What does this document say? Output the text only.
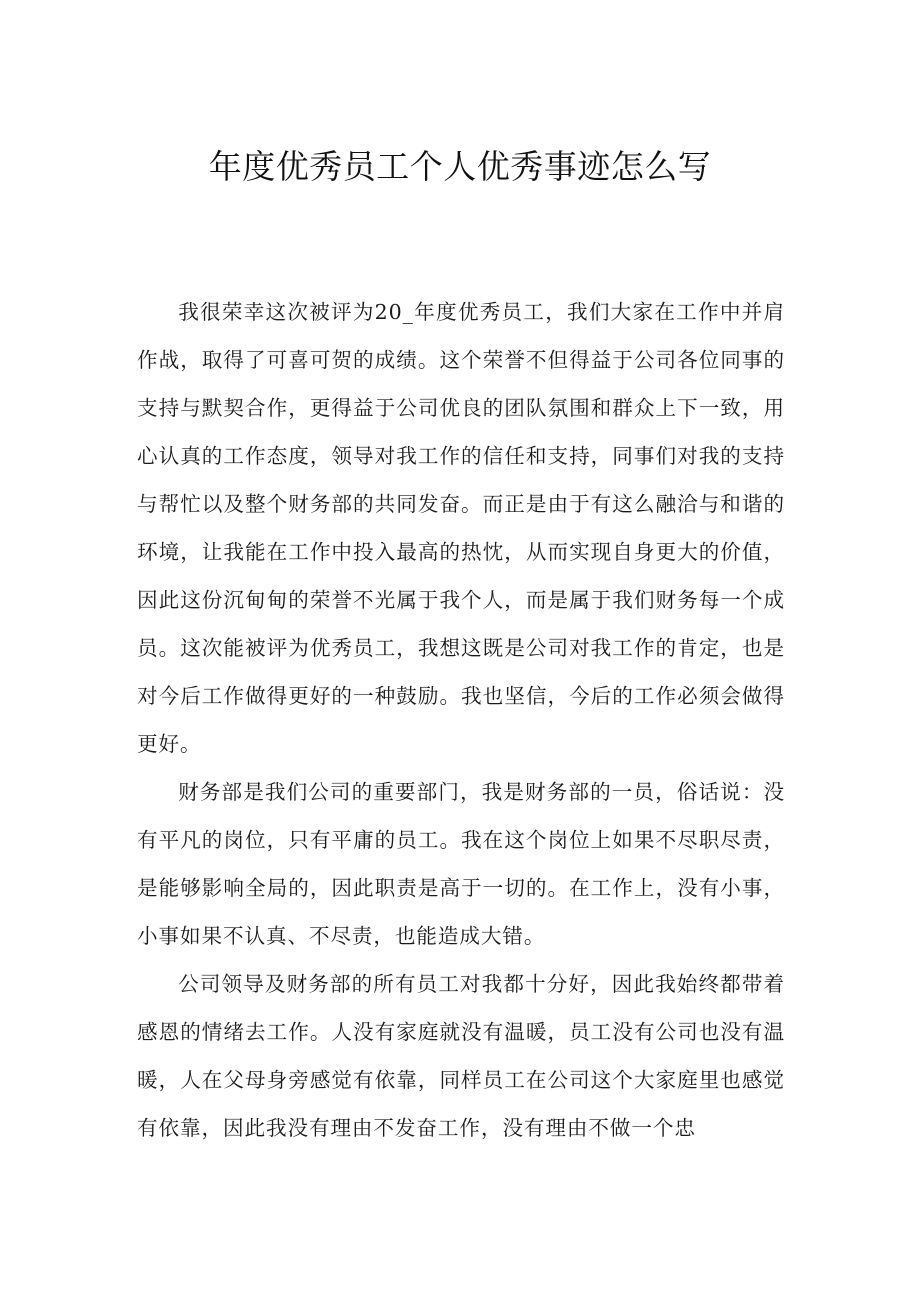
年度优秀员工个人优秀事迹怎么写

我很荣幸这次被评为20_年度优秀员工，我们大家在工作中并肩作战，取得了可喜可贺的成绩。这个荣誉不但得益于公司各位同事的支持与默契合作，更得益于公司优良的团队氛围和群众上下一致，用心认真的工作态度，领导对我工作的信任和支持，同事们对我的支持与帮忙以及整个财务部的共同发奋。而正是由于有这么融洽与和谐的环境，让我能在工作中投入最高的热忱，从而实现自身更大的价值，因此这份沉甸甸的荣誉不光属于我个人，而是属于我们财务每一个成员。这次能被评为优秀员工，我想这既是公司对我工作的肯定，也是对今后工作做得更好的一种鼓励。我也坚信，今后的工作必须会做得更好。

财务部是我们公司的重要部门，我是财务部的一员，俗话说：没有平凡的岗位，只有平庸的员工。我在这个岗位上如果不尽职尽责，是能够影响全局的，因此职责是高于一切的。在工作上，没有小事，小事如果不认真、不尽责，也能造成大错。

公司领导及财务部的所有员工对我都十分好，因此我始终都带着感恩的情绪去工作。人没有家庭就没有温暖，员工没有公司也没有温暖，人在父母身旁感觉有依靠，同样员工在公司这个大家庭里也感觉有依靠，因此我没有理由不发奋工作，没有理由不做一个忠
